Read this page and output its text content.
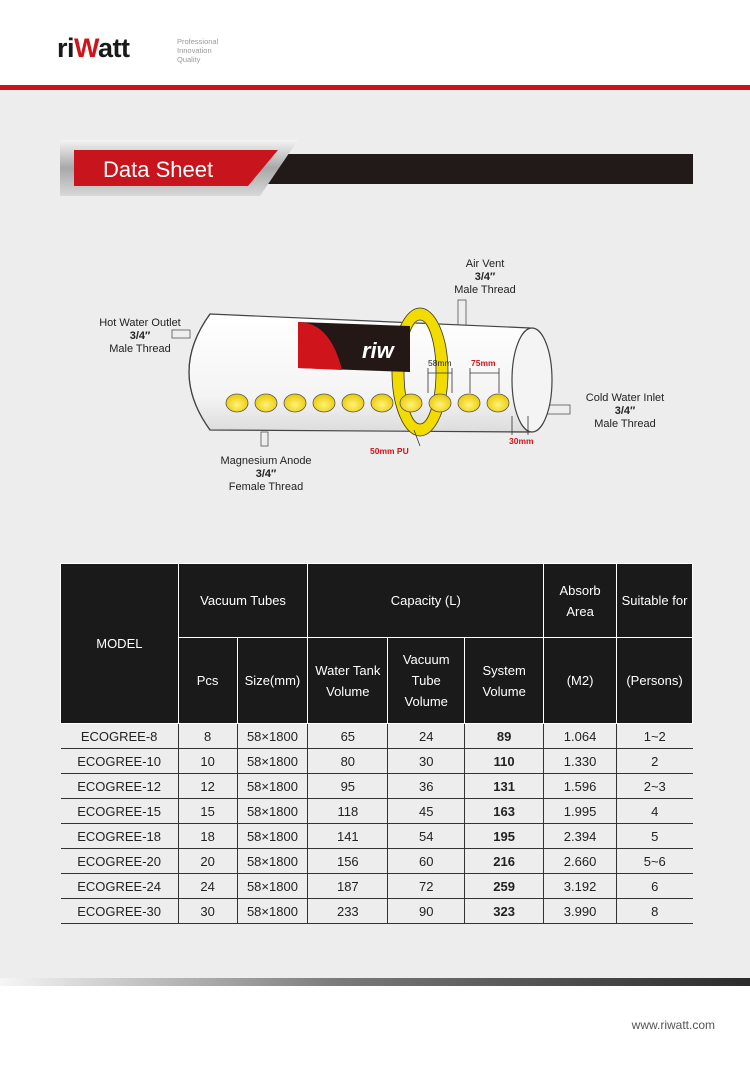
riWatt	Professional
Innovation
Quality
Data Sheet
riw
Air Vent
3/4′′
Male Thread
Hot Water Outlet
3/4′′
Male Thread
Cold Water Inlet
3/4′′
Male Thread
Magnesium Anode
3/4′′
Female Thread
58mm 75mm
30mm
50mm PU
MODEL	Vacuum Tubes		Capacity (L)			Absorb Area	Suitable for
	Pcs	Size(mm)	Water Tank Volume	Vacuum Tube Volume	System Volume	(M2)	(Persons)
ECOGREE-8	8	58×1800	65	24	89	1.064	1~2
ECOGREE-10	10	58×1800	80	30	110	1.330	2
ECOGREE-12	12	58×1800	95	36	131	1.596	2~3
ECOGREE-15	15	58×1800	118	45	163	1.995	4
ECOGREE-18	18	58×1800	141	54	195	2.394	5
ECOGREE-20	20	58×1800	156	60	216	2.660	5~6
ECOGREE-24	24	58×1800	187	72	259	3.192	6
ECOGREE-30	30	58×1800	233	90	323	3.990	8
www.riwatt.com
